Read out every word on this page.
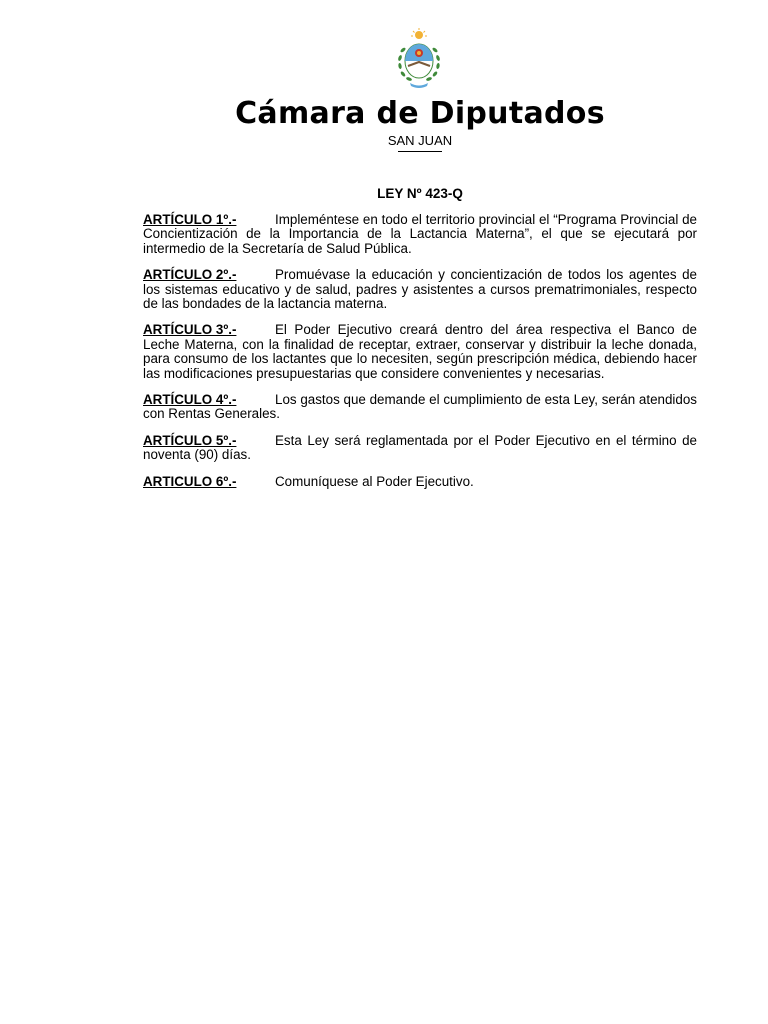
Cámara de Diputados
SAN JUAN
LEY Nº 423-Q

ARTÍCULO 1º.-	Impleméntese en todo el territorio provincial el “Programa Provincial de Concientización de la Importancia de la Lactancia Materna”, el que se ejecutará por intermedio de la Secretaría de Salud Pública.

ARTÍCULO 2º.-	Promuévase la educación y concientización de todos los agentes de los sistemas educativo y de salud, padres y asistentes a cursos prematrimoniales, respecto de las bondades de la lactancia materna.

ARTÍCULO 3º.-	El Poder Ejecutivo creará dentro del área respectiva el Banco de Leche Materna, con la finalidad de receptar, extraer, conservar y distribuir la leche donada, para consumo de los lactantes que lo necesiten, según prescripción médica, debiendo hacer las modificaciones presupuestarias que considere convenientes y necesarias.

ARTÍCULO 4º.-	Los gastos que demande el cumplimiento de esta Ley, serán atendidos con Rentas Generales.

ARTÍCULO 5º.-	Esta Ley será reglamentada por el Poder Ejecutivo en el término de noventa (90) días.

ARTICULO 6º.-	Comuníquese al Poder Ejecutivo.
